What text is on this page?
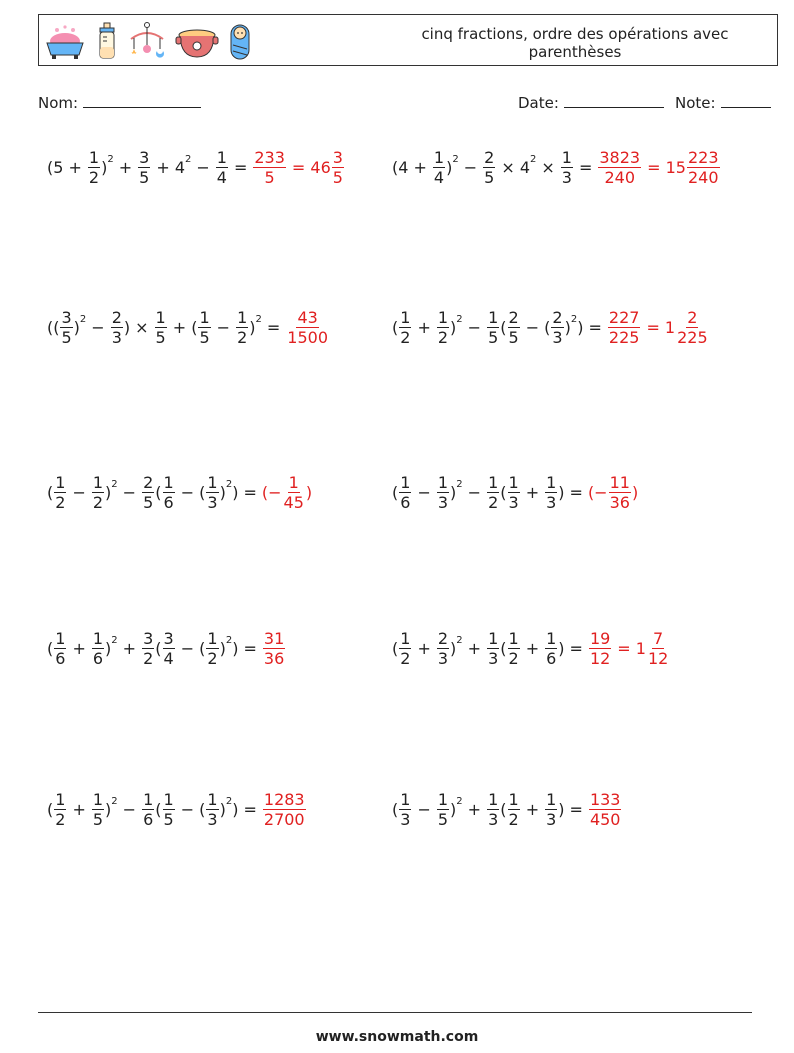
cinq fractions, ordre des opérations avec parenthèses
Nom:	Date:	Note:
$(5 + \frac{1}{2} )^2 + \frac{3}{5} + 4^2 - \frac{1}{4} = \frac{233}{5} = 46 \frac{3}{5}$	$(4 + \frac{1}{4} )^2 - \frac{2}{5} \times 4^2 \times \frac{1}{3} = \frac{3823}{240} = 15 \frac{223}{240}$
(( $\frac{3}{5} )^2 - \frac{2}{3}$ ) × $\frac{1}{5}$ + ( $\frac{1}{5} - \frac{1}{2} )^2 = \frac{43}{1500}$	( $\frac{1}{2} + \frac{1}{2} )^2 - \frac{1}{5}$ ( $\frac{2}{5}$ − ( $\frac{2}{3} )^2$ ) = $\frac{227}{225} = 1 \frac{2}{225}$
( $\frac{1}{2} - \frac{1}{2} )^2 - \frac{2}{5}$ ( $\frac{1}{6}$ − ( $\frac{1}{3} )^2$ ) = (− $\frac{1}{45}$ )	( $\frac{1}{6} - \frac{1}{3} )^2 - \frac{1}{2}$ ( $\frac{1}{3} + \frac{1}{3}$ ) = (− $\frac{11}{36}$ )
( $\frac{1}{6} + \frac{1}{6} )^2 + \frac{3}{2}$ ( $\frac{3}{4}$ − ( $\frac{1}{2} )^2$ ) = $\frac{31}{36}$	( $\frac{1}{2} + \frac{2}{3} )^2 + \frac{1}{3}$ ( $\frac{1}{2} + \frac{1}{6}$ ) = $\frac{19}{12} = 1 \frac{7}{12}$
( $\frac{1}{2} + \frac{1}{5} )^2 - \frac{1}{6}$ ( $\frac{1}{5}$ − ( $\frac{1}{3} )^2$ ) = $\frac{1283}{2700}$	( $\frac{1}{3} - \frac{1}{5} )^2 + \frac{1}{3}$ ( $\frac{1}{2} + \frac{1}{3}$ ) = $\frac{133}{450}$
www.snowmath.com
